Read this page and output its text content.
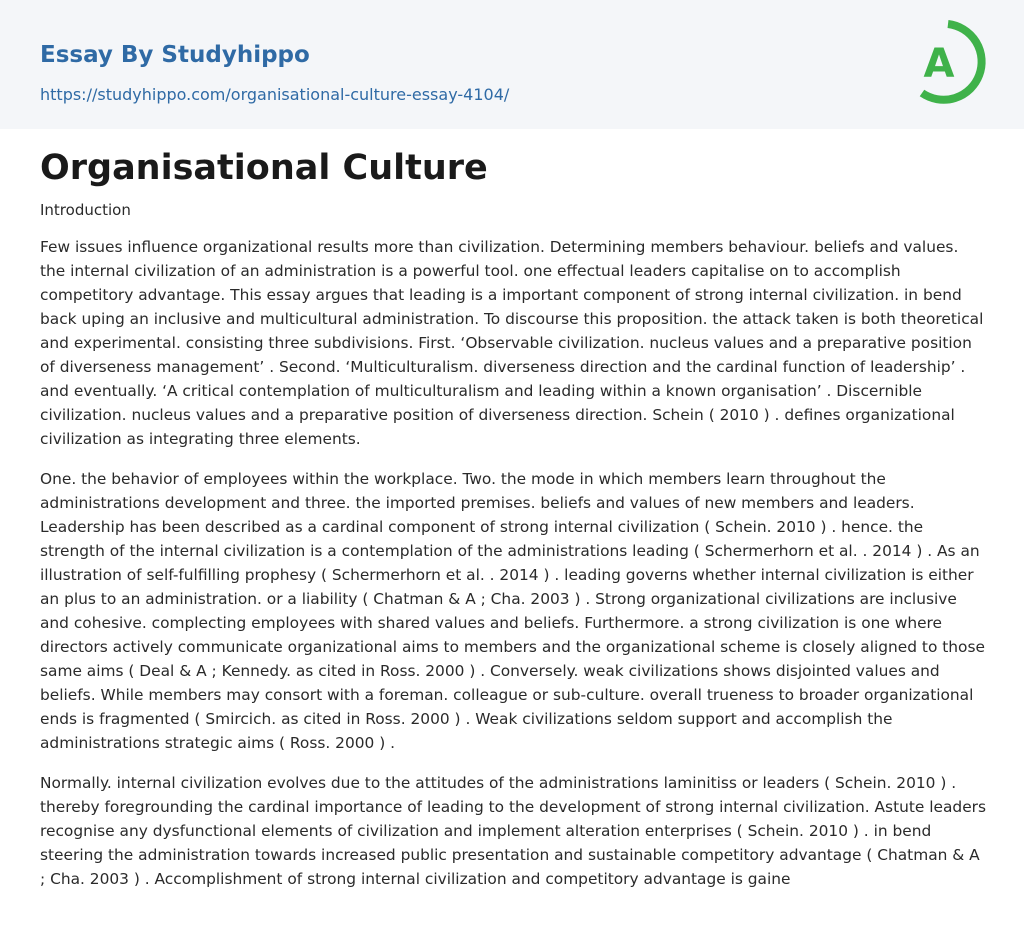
Essay By Studyhippo
https://studyhippo.com/organisational-culture-essay-4104/
A
Organisational Culture
Introduction

Few issues influence organizational results more than civilization. Determining members behaviour. beliefs and values. the internal civilization of an administration is a powerful tool. one effectual leaders capitalise on to accomplish competitory advantage. This essay argues that leading is a important component of strong internal civilization. in bend back uping an inclusive and multicultural administration. To discourse this proposition. the attack taken is both theoretical and experimental. consisting three subdivisions. First. ‘Observable civilization. nucleus values and a preparative position of diverseness management’ . Second. ‘Multiculturalism. diverseness direction and the cardinal function of leadership’ . and eventually. ‘A critical contemplation of multiculturalism and leading within a known organisation’ . Discernible civilization. nucleus values and a preparative position of diverseness direction. Schein ( 2010 ) . defines organizational civilization as integrating three elements.

One. the behavior of employees within the workplace. Two. the mode in which members learn throughout the administrations development and three. the imported premises. beliefs and values of new members and leaders. Leadership has been described as a cardinal component of strong internal civilization ( Schein. 2010 ) . hence. the strength of the internal civilization is a contemplation of the administrations leading ( Schermerhorn et al. . 2014 ) . As an illustration of self-fulfilling prophesy ( Schermerhorn et al. . 2014 ) . leading governs whether internal civilization is either an plus to an administration. or a liability ( Chatman & A ; Cha. 2003 ) . Strong organizational civilizations are inclusive and cohesive. complecting employees with shared values and beliefs. Furthermore. a strong civilization is one where directors actively communicate organizational aims to members and the organizational scheme is closely aligned to those same aims ( Deal & A ; Kennedy. as cited in Ross. 2000 ) . Conversely. weak civilizations shows disjointed values and beliefs. While members may consort with a foreman. colleague or sub-culture. overall trueness to broader organizational ends is fragmented ( Smircich. as cited in Ross. 2000 ) . Weak civilizations seldom support and accomplish the administrations strategic aims ( Ross. 2000 ) .

Normally. internal civilization evolves due to the attitudes of the administrations laminitiss or leaders ( Schein. 2010 ) . thereby foregrounding the cardinal importance of leading to the development of strong internal civilization. Astute leaders recognise any dysfunctional elements of civilization and implement alteration enterprises ( Schein. 2010 ) . in bend steering the administration towards increased public presentation and sustainable competitory advantage ( Chatman & A ; Cha. 2003 ) . Accomplishment of strong internal civilization and competitory advantage is gaine
